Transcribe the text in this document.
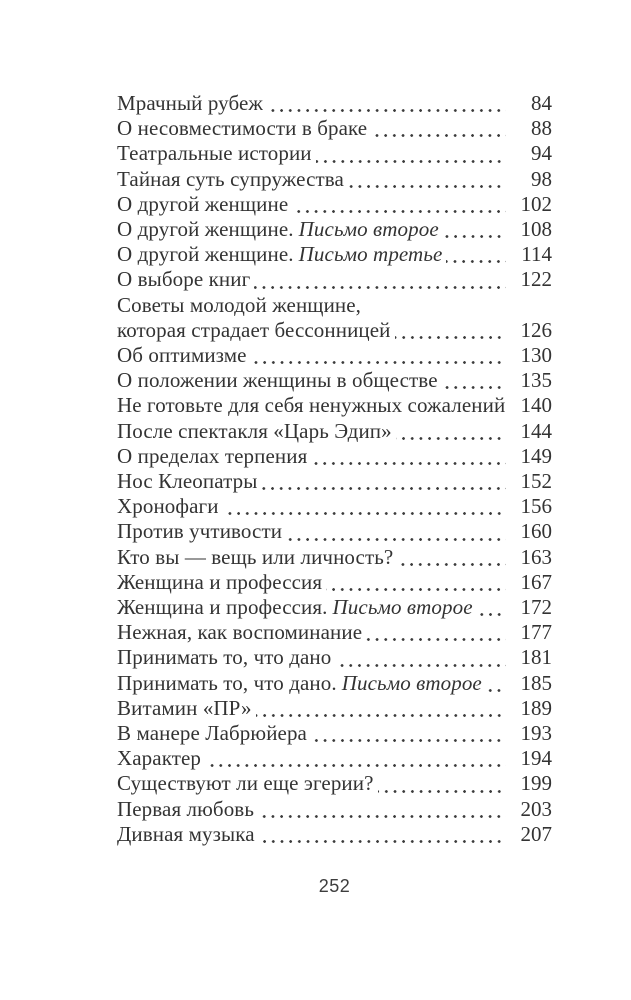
Мрачный рубеж	84
О несовместимости в браке	88
Театральные истории	94
Тайная суть супружества	98
О другой женщине	102
О другой женщине. Письмо второе	108
О другой женщине. Письмо третье	114
О выборе книг	122
Советы молодой женщине,
которая страдает бессонницей	126
Об оптимизме	130
О положении женщины в обществе	135
Не готовьте для себя ненужных сожалений 140
После спектакля «Царь Эдип»	144
О пределах терпения	149
Нос Клеопатры	152
Хронофаги	156
Против учтивости	160
Кто вы — вещь или личность?	163
Женщина и профессия	167
Женщина и профессия. Письмо второе	172
Нежная, как воспоминание	177
Принимать то, что дано	181
Принимать то, что дано. Письмо второе	185
Витамин «ПР»	189
В манере Лабрюйера	193
Характер	194
Существуют ли еще эгерии?	199
Первая любовь	203
Дивная музыка	207
252
